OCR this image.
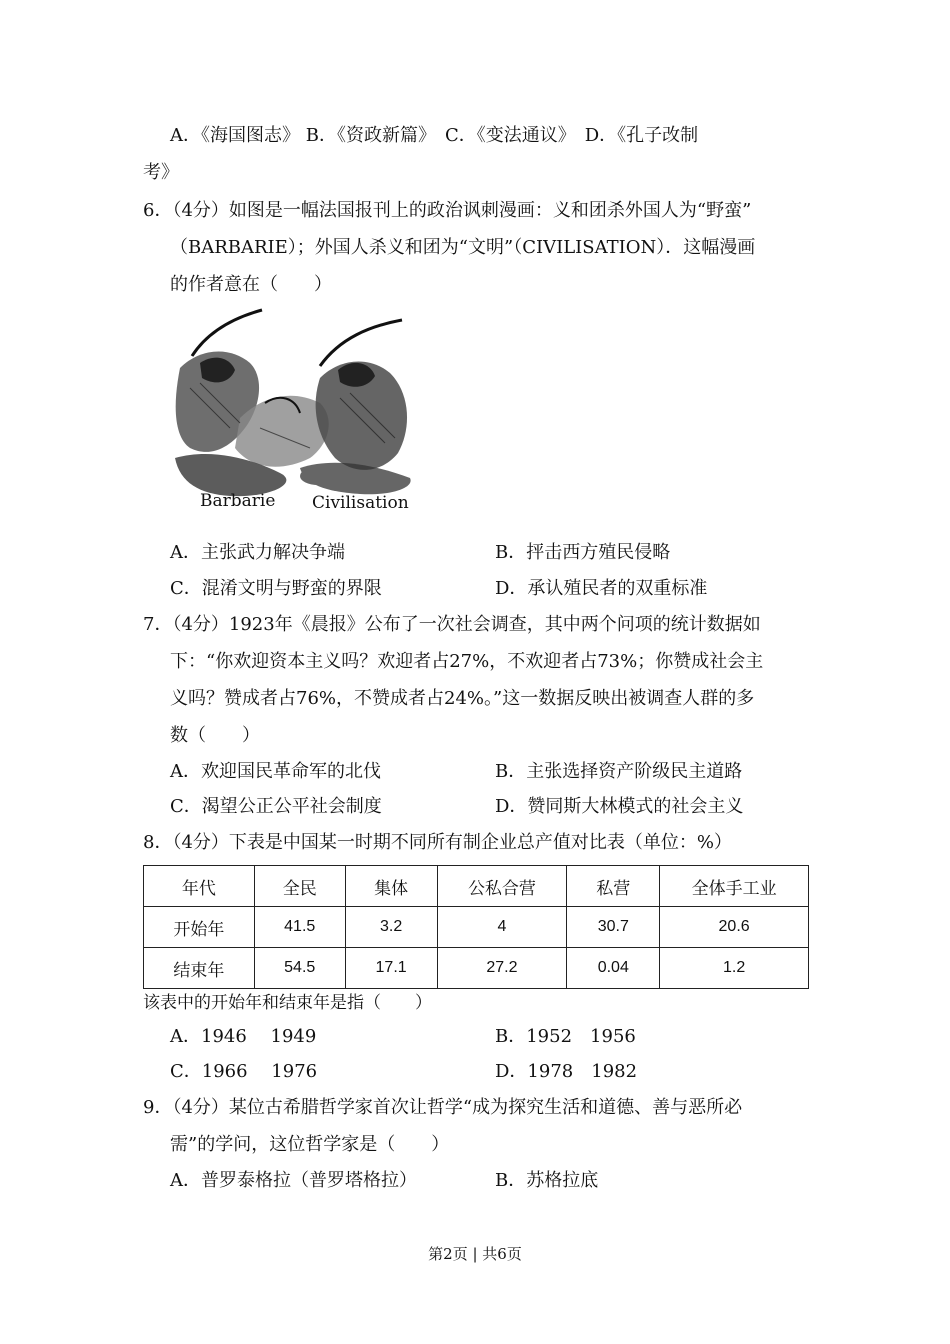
A．《海国图志》 B．《资政新篇》　C．《变法通议》　D．《孔子改制
考》
6．（4分）如图是一幅法国报刊上的政治讽刺漫画：义和团杀外国人为“野蛮”
（BARBARIE）；外国人杀义和团为“文明”（CIVILISATION）．这幅漫画
的作者意在（　　）
Barbarie Civilisation
A．主张武力解决争端	B．抨击西方殖民侵略
C．混淆文明与野蛮的界限	D．承认殖民者的双重标准
7．（4分）1923年《晨报》公布了一次社会调查，其中两个问项的统计数据如
下：“你欢迎资本主义吗？欢迎者占27%，不欢迎者占73%；你赞成社会主
义吗？赞成者占76%，不赞成者占24%。”这一数据反映出被调查人群的多
数（　　）
A．欢迎国民革命军的北伐	B．主张选择资产阶级民主道路
C．渴望公正公平社会制度	D．赞同斯大林模式的社会主义
8．（4分）下表是中国某一时期不同所有制企业总产值对比表（单位：%）
年代	全民	集体	公私合营	私营	全体手工业
开始年	41.5	3.2	4	30.7	20.6
结束年	54.5	17.1	27.2	0.04	1.2
该表中的开始年和结束年是指（　　）
A．1946　 1949	B．1952　1956
C．1966　 1976	D．1978　1982
9．（4分）某位古希腊哲学家首次让哲学“成为探究生活和道德、善与恶所必
需”的学问，这位哲学家是（　　）
A．普罗泰格拉（普罗塔格拉）	B．苏格拉底
第2页 | 共6页
